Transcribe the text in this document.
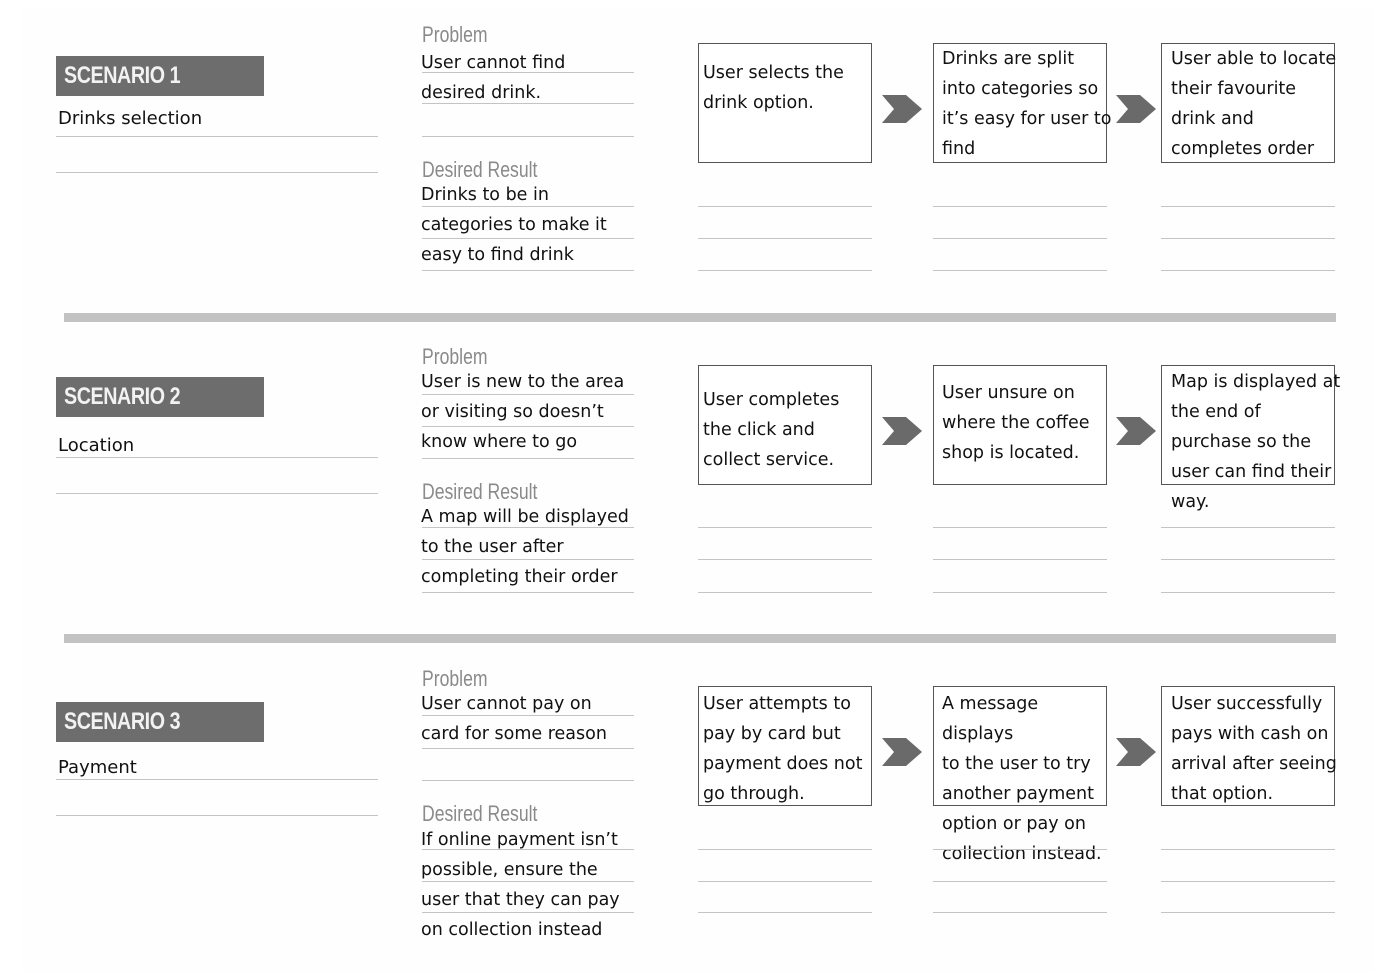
SCENARIO 1
Drinks selection
Problem
User cannot find
desired drink.
Desired Result
Drinks to be in
categories to make it
easy to find drink
User selects the
drink option.
Drinks are split
into categories so
it’s easy for user to
find
User able to locate
their favourite
drink and
completes order
SCENARIO 2
Location
Problem
User is new to the area
or visiting so doesn’t
know where to go
Desired Result
A map will be displayed
to the user after
completing their order
User completes
the click and
collect service.
User unsure on
where the coffee
shop is located.
Map is displayed at
the end of
purchase so the
user can find their
way.
SCENARIO 3
Payment
Problem
User cannot pay on
card for some reason
Desired Result
If online payment isn’t
possible, ensure the
user that they can pay
on collection instead
User attempts to
pay by card but
payment does not
go through.
A message displays
to the user to try
another payment
option or pay on
collection instead.
User successfully
pays with cash on
arrival after seeing
that option.
